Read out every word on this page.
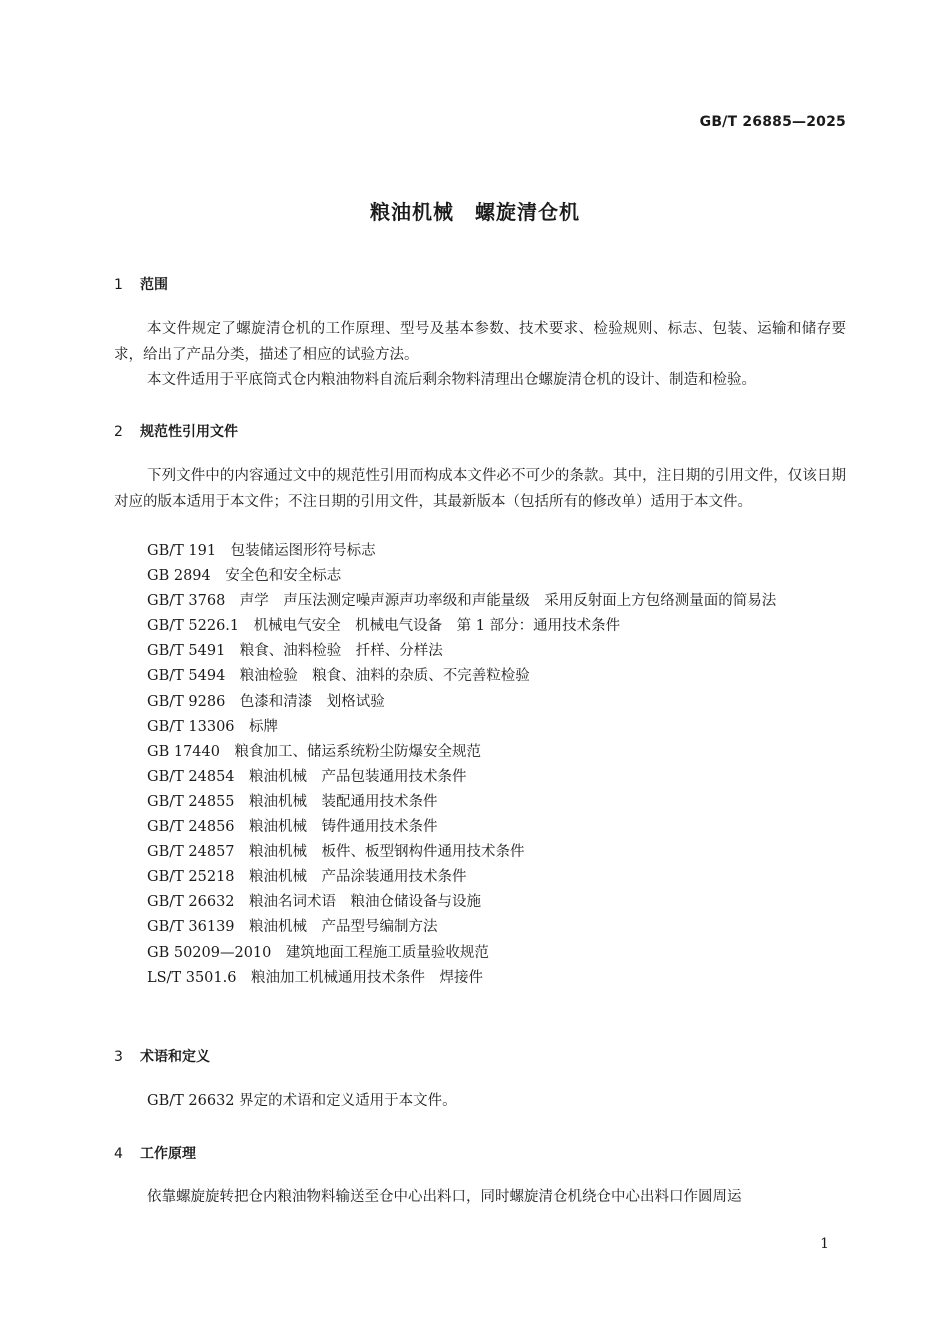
GB/T 26885—2025
粮油机械　螺旋清仓机
1 范围

本文件规定了螺旋清仓机的工作原理、型号及基本参数、技术要求、检验规则、标志、包装、运输和储存要求，给出了产品分类，描述了相应的试验方法。

本文件适用于平底筒式仓内粮油物料自流后剩余物料清理出仓螺旋清仓机的设计、制造和检验。

2 规范性引用文件

下列文件中的内容通过文中的规范性引用而构成本文件必不可少的条款。其中，注日期的引用文件，仅该日期对应的版本适用于本文件；不注日期的引用文件，其最新版本（包括所有的修改单）适用于本文件。

GB/T 191　包装储运图形符号标志
GB 2894　安全色和安全标志
GB/T 3768　声学　声压法测定噪声源声功率级和声能量级　采用反射面上方包络测量面的简易法
GB/T 5226.1　机械电气安全　机械电气设备　第 1 部分：通用技术条件
GB/T 5491　粮食、油料检验　扦样、分样法
GB/T 5494　粮油检验　粮食、油料的杂质、不完善粒检验
GB/T 9286　色漆和清漆　划格试验
GB/T 13306　标牌
GB 17440　粮食加工、储运系统粉尘防爆安全规范
GB/T 24854　粮油机械　产品包装通用技术条件
GB/T 24855　粮油机械　装配通用技术条件
GB/T 24856　粮油机械　铸件通用技术条件
GB/T 24857　粮油机械　板件、板型钢构件通用技术条件
GB/T 25218　粮油机械　产品涂装通用技术条件
GB/T 26632　粮油名词术语　粮油仓储设备与设施
GB/T 36139　粮油机械　产品型号编制方法
GB 50209—2010　建筑地面工程施工质量验收规范
LS/T 3501.6　粮油加工机械通用技术条件　焊接件
3 术语和定义

GB/T 26632 界定的术语和定义适用于本文件。

4 工作原理

依靠螺旋旋转把仓内粮油物料输送至仓中心出料口，同时螺旋清仓机绕仓中心出料口作圆周运

1
